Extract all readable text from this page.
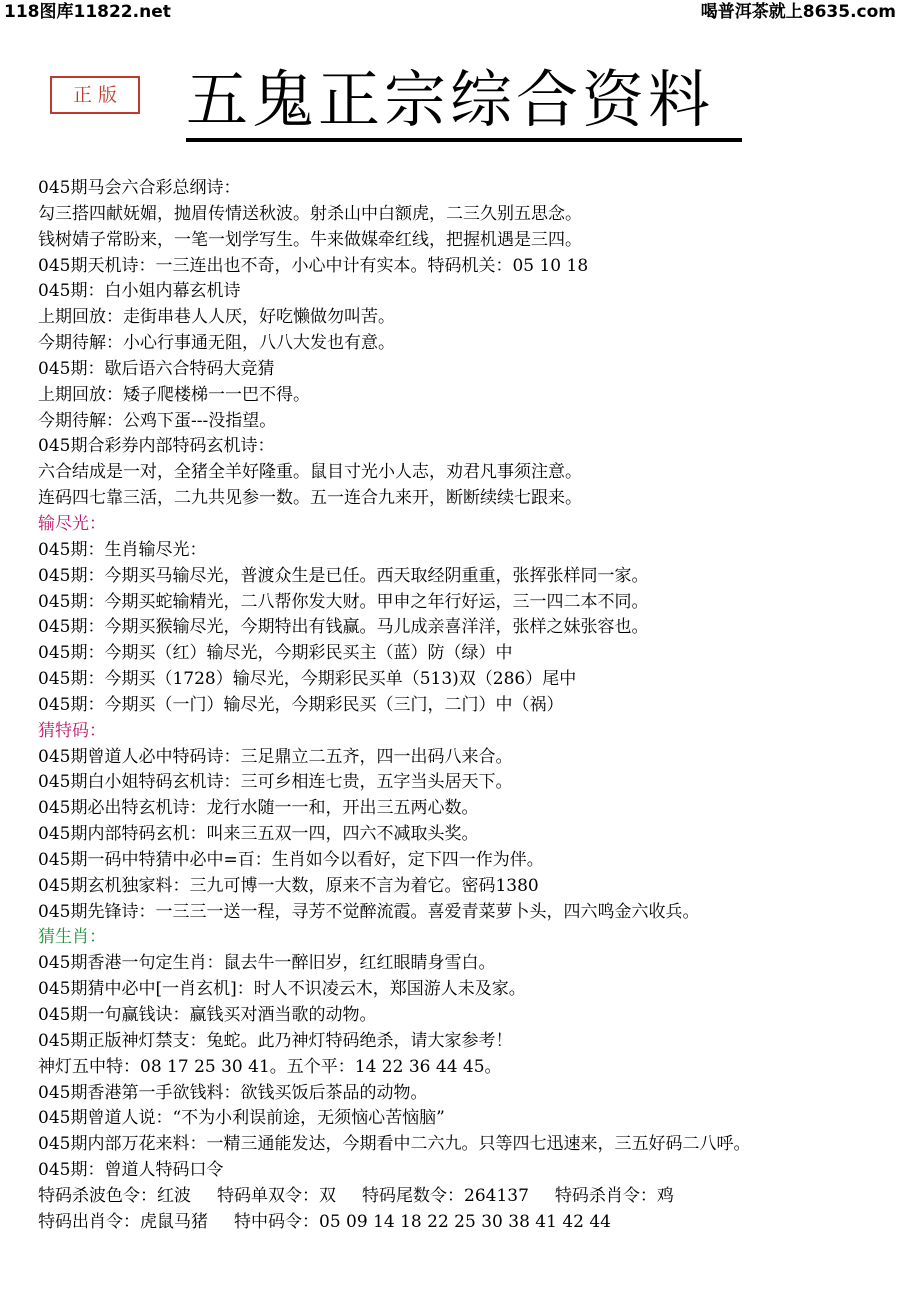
118图库11822.net	喝普洱茶就上8635.com
正 版	五鬼正宗综合资料
045期马会六合彩总纲诗：
勾三搭四献妩媚，抛眉传情送秋波。射杀山中白额虎，二三久别五思念。
钱树婧子常盼来，一笔一划学写生。牛来做媒牵红线，把握机遇是三四。
045期天机诗：一三连出也不奇，小心中计有实本。特码机关：05 10 18
045期：白小姐内幕玄机诗
上期回放：走街串巷人人厌，好吃懒做勿叫苦。
今期待解：小心行事通无阻，八八大发也有意。
045期：歇后语六合特码大竞猜
上期回放：矮子爬楼梯一一巴不得。
今期待解：公鸡下蛋---没指望。
045期合彩券内部特码玄机诗：
六合结成是一对，全猪全羊好隆重。鼠目寸光小人志，劝君凡事须注意。
连码四七靠三活，二九共见参一数。五一连合九来开，断断续续七跟来。
输尽光：
045期：生肖输尽光：
045期：今期买马输尽光，普渡众生是已任。西天取经阴重重，张挥张样同一家。
045期：今期买蛇输精光，二八帮你发大财。甲申之年行好运，三一四二本不同。
045期：今期买猴输尽光，今期特出有钱赢。马儿成亲喜洋洋，张样之妹张容也。
045期：今期买（红）输尽光，今期彩民买主（蓝）防（绿）中
045期：今期买（1728）输尽光，今期彩民买单（513)双（286）尾中
045期：今期买（一门）输尽光，今期彩民买（三门，二门）中（祸）
猜特码：
045期曾道人必中特码诗：三足鼎立二五齐，四一出码八来合。
045期白小姐特码玄机诗：三可乡相连七贵，五字当头居天下。
045期必出特玄机诗：龙行水随一一和，开出三五两心数。
045期内部特码玄机：叫来三五双一四，四六不减取头奖。
045期一码中特猜中必中=百：生肖如今以看好，定下四一作为伴。
045期玄机独家料：三九可博一大数，原来不言为着它。密码1380
045期先锋诗：一三三一送一程，寻芳不觉醉流霞。喜爱青菜萝卜头，四六鸣金六收兵。
猜生肖：
045期香港一句定生肖：鼠去牛一醉旧岁，红红眼睛身雪白。
045期猜中必中[一肖玄机]：时人不识凌云木，郑国游人未及家。
045期一句赢钱诀：赢钱买对酒当歌的动物。
045期正版神灯禁支：兔蛇。此乃神灯特码绝杀，请大家参考！
神灯五中特：08 17 25 30 41。五个平：14 22 36 44 45。
045期香港第一手欲钱料：欲钱买饭后茶品的动物。
045期曾道人说：“不为小利误前途，无须恼心苦恼脑”
045期内部万花来料：一精三通能发达，今期看中二六九。只等四七迅速来，三五好码二八呼。
045期：曾道人特码口令
特码杀波色令：红波 特码单双令：双 特码尾数令：264137 特码杀肖令：鸡
特码出肖令：虎鼠马猪 特中码令：05 09 14 18 22 25 30 38 41 42 44
